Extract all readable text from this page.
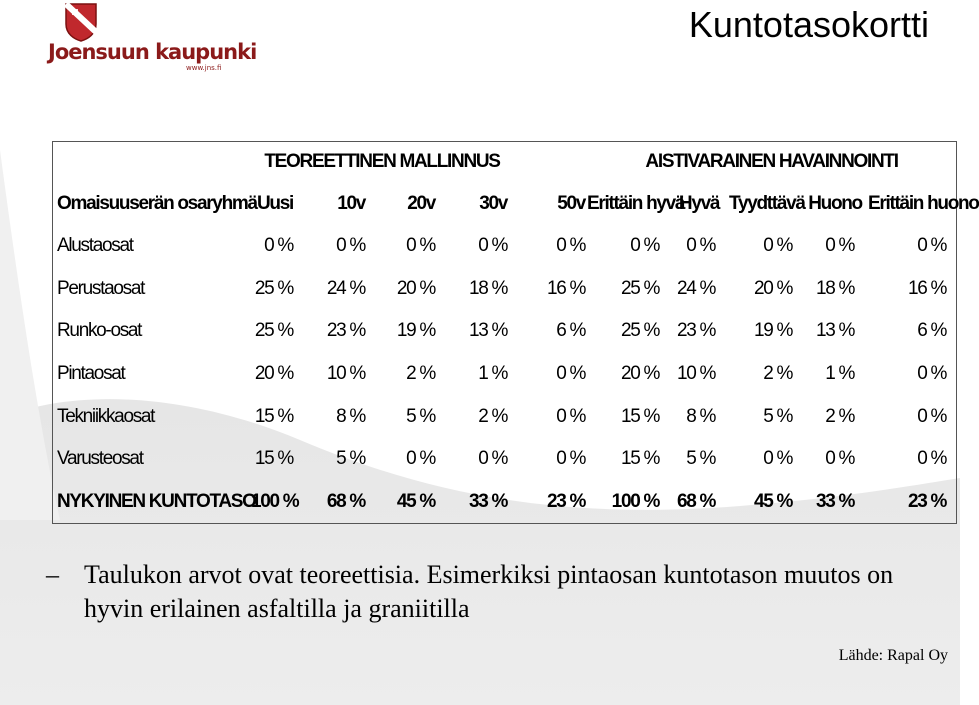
Joensuun kaupunki
www.jns.fi
Kuntotasokortti
	TEOREETTINEN MALLINNUS					AISTIVARAINEN HAVAINNOINTI				
Omaisuuserän osaryhmä	Uusi	10v	20v	30v	50v	Erittäin hyvä	Hyvä	Tyydttävä	Huono	Erittäin huono
Alustaosat	0 %	0 %	0 %	0 %	0 %	0 %	0 %	0 %	0 %	0 %
Perustaosat	25 %	24 %	20 %	18 %	16 %	25 %	24 %	20 %	18 %	16 %
Runko-osat	25 %	23 %	19 %	13 %	6 %	25 %	23 %	19 %	13 %	6 %
Pintaosat	20 %	10 %	2 %	1 %	0 %	20 %	10 %	2 %	1 %	0 %
Tekniikkaosat	15 %	8 %	5 %	2 %	0 %	15 %	8 %	5 %	2 %	0 %
Varusteosat	15 %	5 %	0 %	0 %	0 %	15 %	5 %	0 %	0 %	0 %
NYKYINEN KUNTOTASO	100 %	68 %	45 %	33 %	23 %	100 %	68 %	45 %	33 %	23 %
– Taulukon arvot ovat teoreettisia. Esimerkiksi pintaosan kuntotason muutos on hyvin erilainen asfaltilla ja graniitilla
Lähde: Rapal Oy
